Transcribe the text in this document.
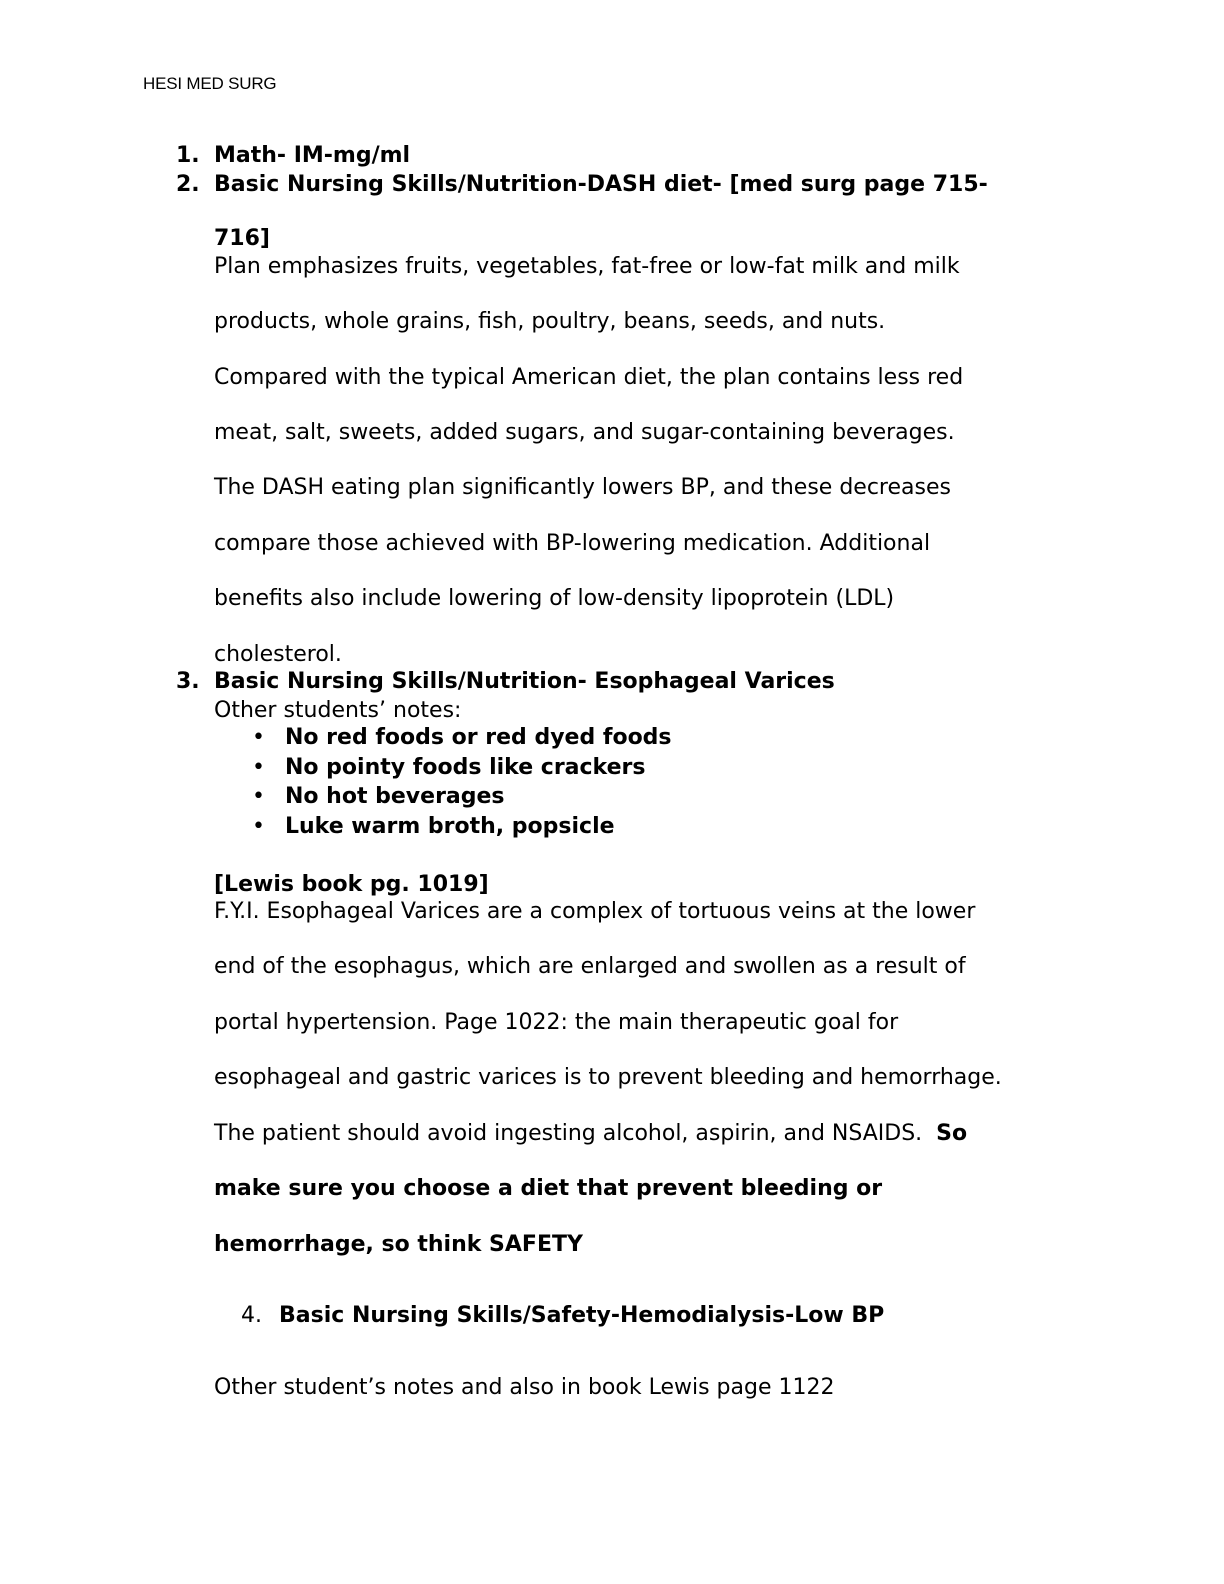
HESI MED SURG
1. Math- IM-mg/ml
2. Basic Nursing Skills/Nutrition-DASH diet- [med surg page 715-
716]
Plan emphasizes fruits, vegetables, fat-free or low-fat milk and milk
products, whole grains, fish, poultry, beans, seeds, and nuts.
Compared with the typical American diet, the plan contains less red
meat, salt, sweets, added sugars, and sugar-containing beverages.
The DASH eating plan significantly lowers BP, and these decreases
compare those achieved with BP-lowering medication. Additional
benefits also include lowering of low-density lipoprotein (LDL)
cholesterol.
3. Basic Nursing Skills/Nutrition- Esophageal Varices
Other students’ notes:
• No red foods or red dyed foods
• No pointy foods like crackers
• No hot beverages
• Luke warm broth, popsicle
[Lewis book pg. 1019]
F.Y.I. Esophageal Varices are a complex of tortuous veins at the lower
end of the esophagus, which are enlarged and swollen as a result of
portal hypertension. Page 1022: the main therapeutic goal for
esophageal and gastric varices is to prevent bleeding and hemorrhage.
The patient should avoid ingesting alcohol, aspirin, and NSAIDS.  So
make sure you choose a diet that prevent bleeding or
hemorrhage, so think SAFETY
4. Basic Nursing Skills/Safety-Hemodialysis-Low BP
Other student’s notes and also in book Lewis page 1122
